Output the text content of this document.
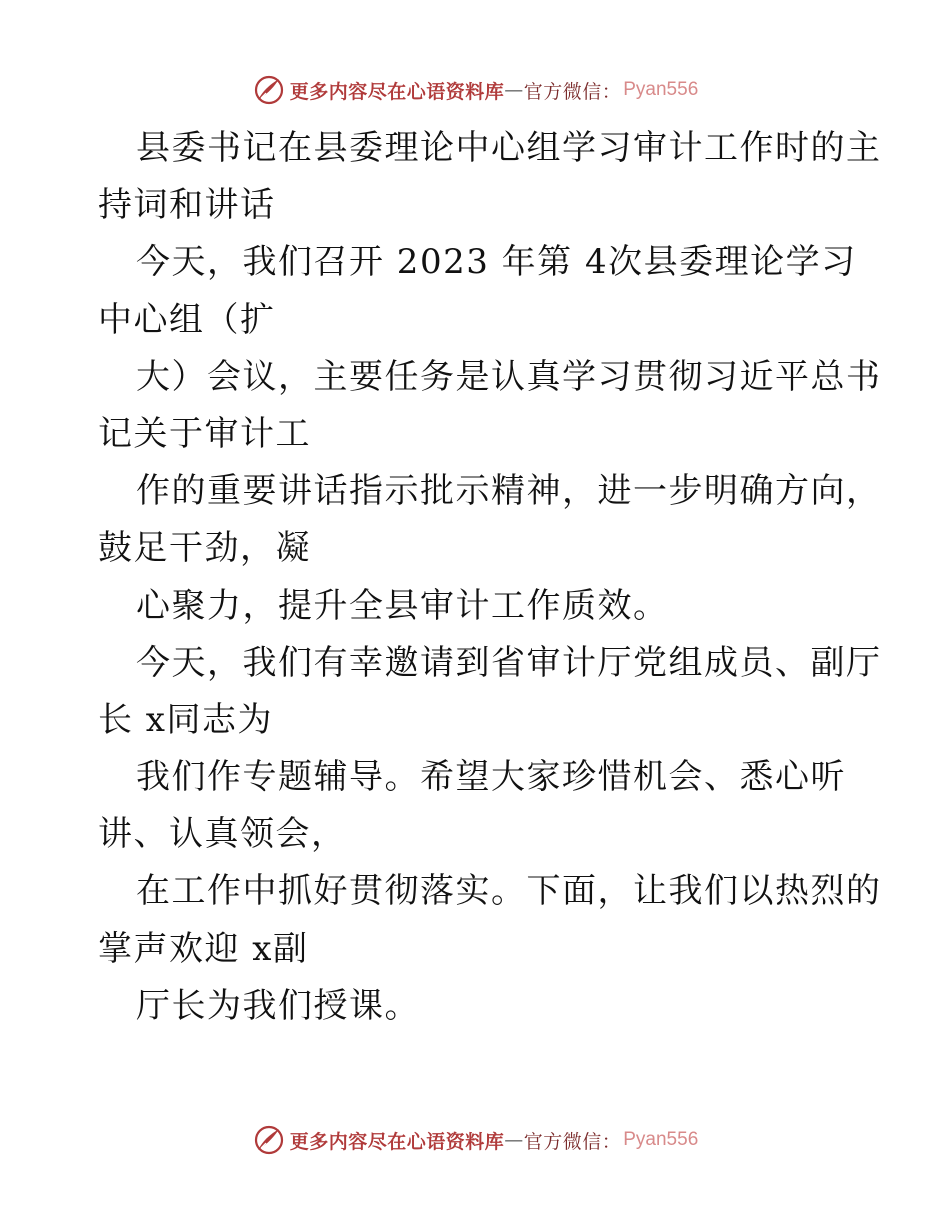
更多内容尽在心语资料库 — 官方微信： Pyan556
县委书记在县委理论中心组学习审计工作时的主
持词和讲话
今天，我们召开 2023 年第 4次县委理论学习
中心组（扩
大）会议，主要任务是认真学习贯彻习近平总书
记关于审计工
作的重要讲话指示批示精神，进一步明确方向，
鼓足干劲，凝
心聚力，提升全县审计工作质效。
今天，我们有幸邀请到省审计厅党组成员、副厅
长 x同志为
我们作专题辅导。希望大家珍惜机会、悉心听
讲、认真领会，
在工作中抓好贯彻落实。下面，让我们以热烈的
掌声欢迎 x副
厅长为我们授课。
更多内容尽在心语资料库 — 官方微信： Pyan556
